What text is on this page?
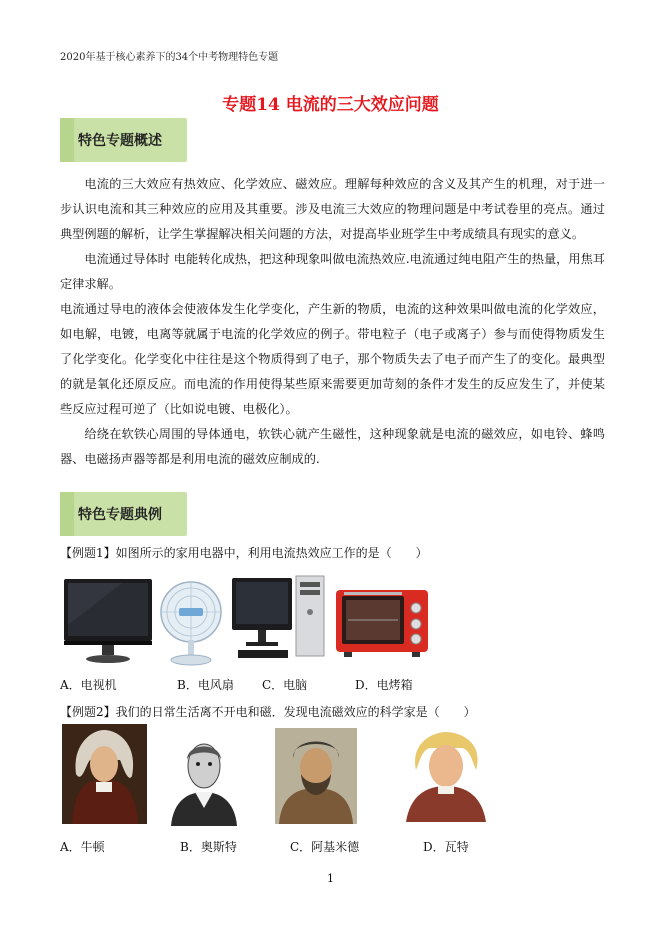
2020年基于核心素养下的34个中考物理特色专题
专题14 电流的三大效应问题
特色专题概述

电流的三大效应有热效应、化学效应、磁效应。理解每种效应的含义及其产生的机理，对于进一步认识电流和其三种效应的应用及其重要。涉及电流三大效应的物理问题是中考试卷里的亮点。通过典型例题的解析，让学生掌握解决相关问题的方法，对提高毕业班学生中考成绩具有现实的意义。

电流通过导体时 电能转化成热，把这种现象叫做电流热效应.电流通过纯电阻产生的热量，用焦耳定律求解。

电流通过导电的液体会使液体发生化学变化，产生新的物质，电流的这种效果叫做电流的化学效应，如电解，电镀，电离等就属于电流的化学效应的例子。带电粒子（电子或离子）参与而使得物质发生了化学变化。化学变化中往往是这个物质得到了电子，那个物质失去了电子而产生了的变化。最典型的就是氧化还原反应。而电流的作用使得某些原来需要更加苛刻的条件才发生的反应发生了，并使某些反应过程可逆了（比如说电镀、电极化）。

给绕在软铁心周围的导体通电，软铁心就产生磁性，这种现象就是电流的磁效应，如电铃、蜂鸣器、电磁扬声器等都是利用电流的磁效应制成的.

特色专题典例
【例题1】如图所示的家用电器中，利用电流热效应工作的是（　　）
A．电视机	B．电风扇 C．电脑	D．电烤箱
【例题2】我们的日常生活离不开电和磁．发现电流磁效应的科学家是（　　）
A．牛顿	B．奥斯特	C．阿基米德	D．瓦特
1
